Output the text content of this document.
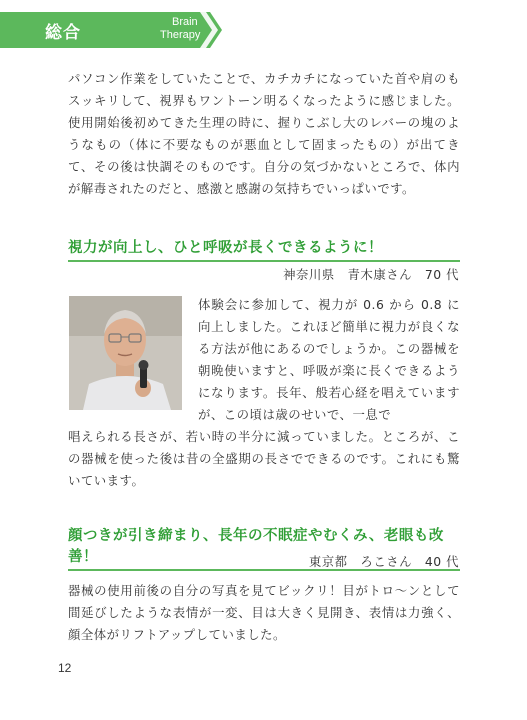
総合
Brain
Therapy
パソコン作業をしていたことで、カチカチになっていた首や肩のもスッキリして、視界もワントーン明るくなったように感じました。使用開始後初めてきた生理の時に、握りこぶし大のレバーの塊のようなもの（体に不要なものが悪血として固まったもの）が出てきて、その後は快調そのものです。自分の気づかないところで、体内が解毒されたのだと、感激と感謝の気持ちでいっぱいです。
視力が向上し、ひと呼吸が長くできるように！
神奈川県　青木康さん　70 代
体験会に参加して、視力が 0.6 から 0.8 に向上しました。これほど簡単に視力が良くなる方法が他にあるのでしょうか。この器械を朝晩使いますと、呼吸が楽に長くできるようになります。長年、般若心経を唱えていますが、この頃は歳のせいで、一息で
唱えられる長さが、若い時の半分に減っていました。ところが、この器械を使った後は昔の全盛期の長さでできるのです。これにも驚いています。
顔つきが引き締まり、長年の不眠症やむくみ、老眼も改善！	東京都　ろこさん　40 代
器械の使用前後の自分の写真を見てビックリ！目がトロ〜ンとして間延びしたような表情が一変、目は大きく見開き、表情は力強く、顔全体がリフトアップしていました。
12
